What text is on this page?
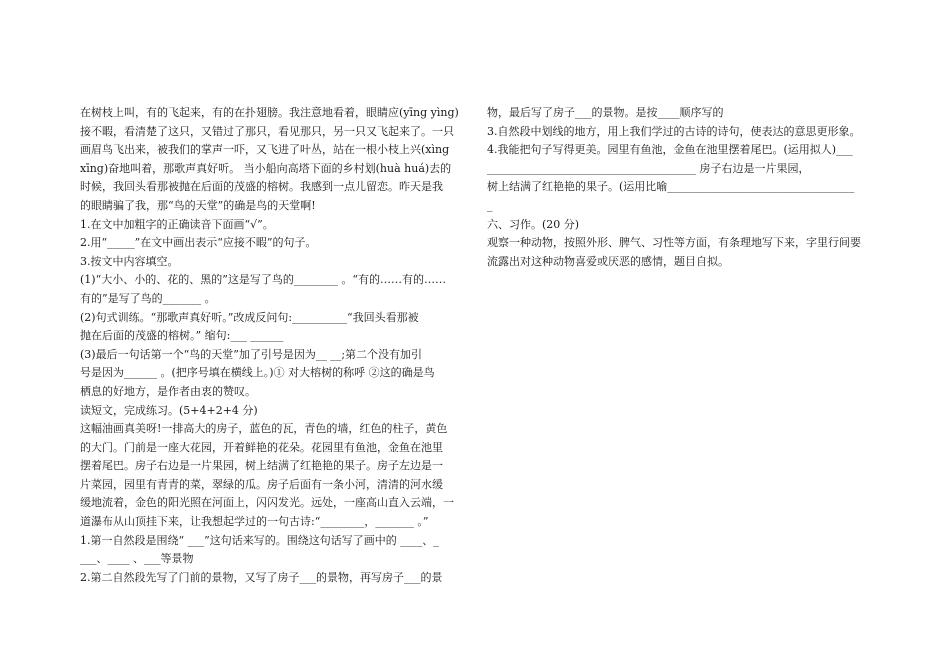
在树枝上叫，有的飞起来，有的在扑翅膀。我注意地看着，眼睛应(yīng yìng)
接不暇，看清楚了这只，又错过了那只，看见那只，另一只又飞起来了。一只
画眉鸟飞出来，被我们的掌声一吓，又飞进了叶丛，站在一根小枝上兴(xìng
xīng)奋地叫着，那歌声真好听。 当小船向高塔下面的乡村划(huà huá)去的
时候，我回头看那被抛在后面的茂盛的榕树。我感到一点儿留恋。昨天是我
的眼睛骗了我，那“鸟的天堂”的确是鸟的天堂啊!
1.在文中加粗字的正确读音下面画“√”。
2.用“_____”在文中画出表示“应接不暇”的句子。
3.按文中内容填空。
(1)“大小、小的、花的、黑的”这是写了鸟的________ 。“有的……有的……
有的”是写了鸟的_______ 。
(2)句式训练。“那歌声真好听。”改成反问句:__________“我回头看那被
抛在后面的茂盛的榕树。” 缩句:___ ______
(3)最后一句话第一个“鸟的天堂”加了引号是因为__ __;第二个没有加引
号是因为______ 。(把序号填在横线上。)① 对大榕树的称呼 ②这的确是鸟
栖息的好地方，是作者由衷的赞叹。
读短文，完成练习。(5+4+2+4 分)
这幅油画真美呀!一排高大的房子，蓝色的瓦，青色的墙，红色的柱子，黄色
的大门。门前是一座大花园，开着鲜艳的花朵。花园里有鱼池，金鱼在池里
摆着尾巴。房子右边是一片果园，树上结满了红艳艳的果子。房子左边是一
片菜园，园里有青青的菜，翠绿的瓜。房子后面有一条小河，清清的河水缓
缓地流着，金色的阳光照在河面上，闪闪发光。远处，一座高山直入云端，一
道瀑布从山顶挂下来，让我想起学过的一句古诗:“________，_______ 。”
1.第一自然段是围绕“ ___”这句话来写的。围绕这句话写了画中的 ____、_
___、____ 、___等景物
2.第二自然段先写了门前的景物，又写了房子___的景物，再写房子___的景
物，最后写了房子___的景物。是按____顺序写的
3.自然段中划线的地方，用上我们学过的古诗的诗句，使表达的意思更形象。
4.我能把句子写得更美。园里有鱼池，金鱼在池里摆着尾巴。(运用拟人)___
______________________________________ 房子右边是一片果园，
树上结满了红艳艳的果子。(运用比喻__________________________________
_
六、习作。(20 分)
观察一种动物，按照外形、脾气、习性等方面，有条理地写下来，字里行间要
流露出对这种动物喜爱或厌恶的感情，题目自拟。
